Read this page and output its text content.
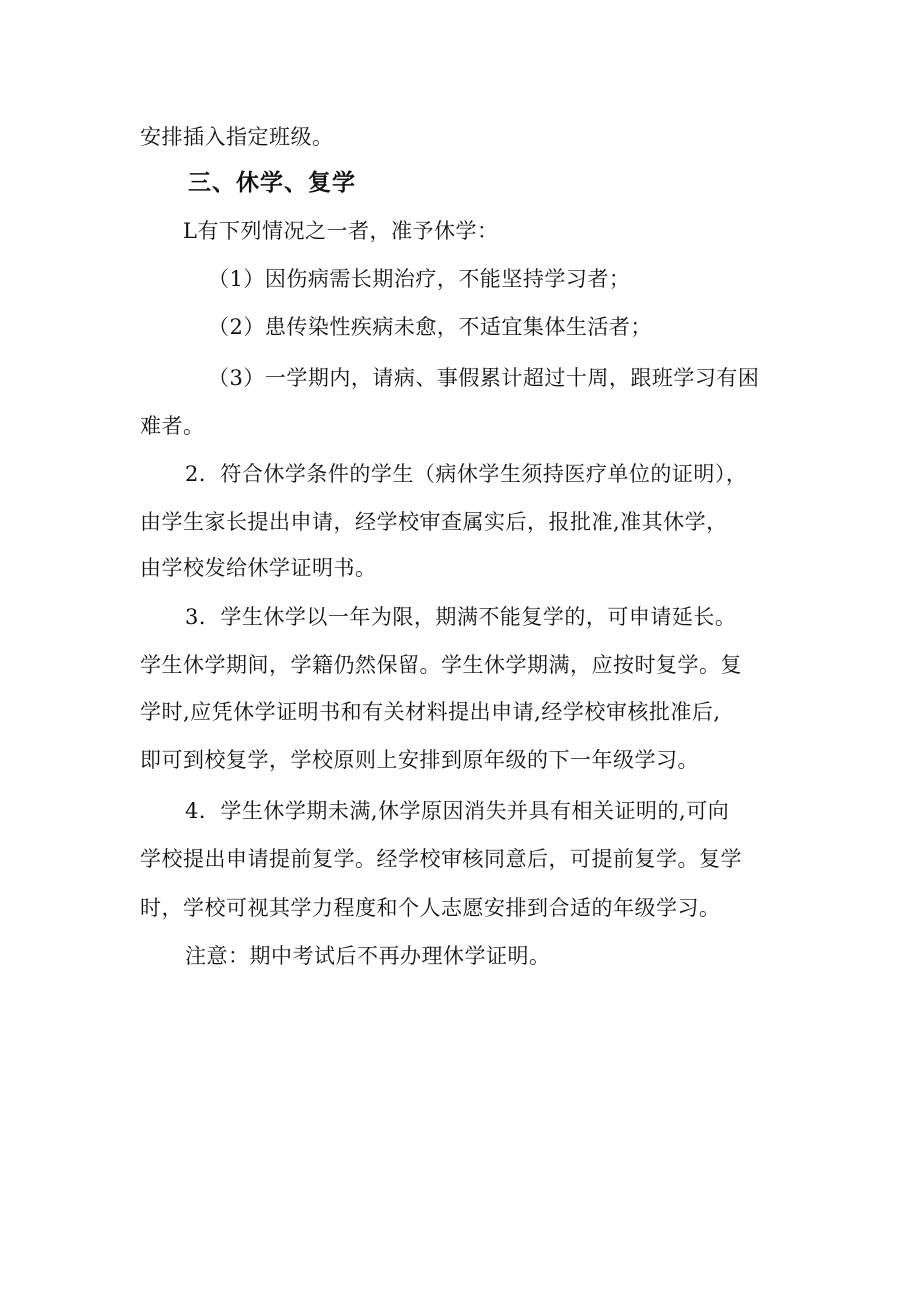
安排插入指定班级。
三、休学、复学
L有下列情况之一者，准予休学：
（1）因伤病需长期治疗，不能坚持学习者；
（2）患传染性疾病未愈，不适宜集体生活者；
（3）一学期内，请病、事假累计超过十周，跟班学习有困
难者。
2．符合休学条件的学生（病休学生须持医疗单位的证明），
由学生家长提出申请，经学校审查属实后，报批准,准其休学，
由学校发给休学证明书。
3．学生休学以一年为限，期满不能复学的，可申请延长。
学生休学期间，学籍仍然保留。学生休学期满，应按时复学。复
学时,应凭休学证明书和有关材料提出申请,经学校审核批准后,
即可到校复学，学校原则上安排到原年级的下一年级学习。
4．学生休学期未满,休学原因消失并具有相关证明的,可向
学校提出申请提前复学。经学校审核同意后，可提前复学。复学
时，学校可视其学力程度和个人志愿安排到合适的年级学习。
注意：期中考试后不再办理休学证明。
